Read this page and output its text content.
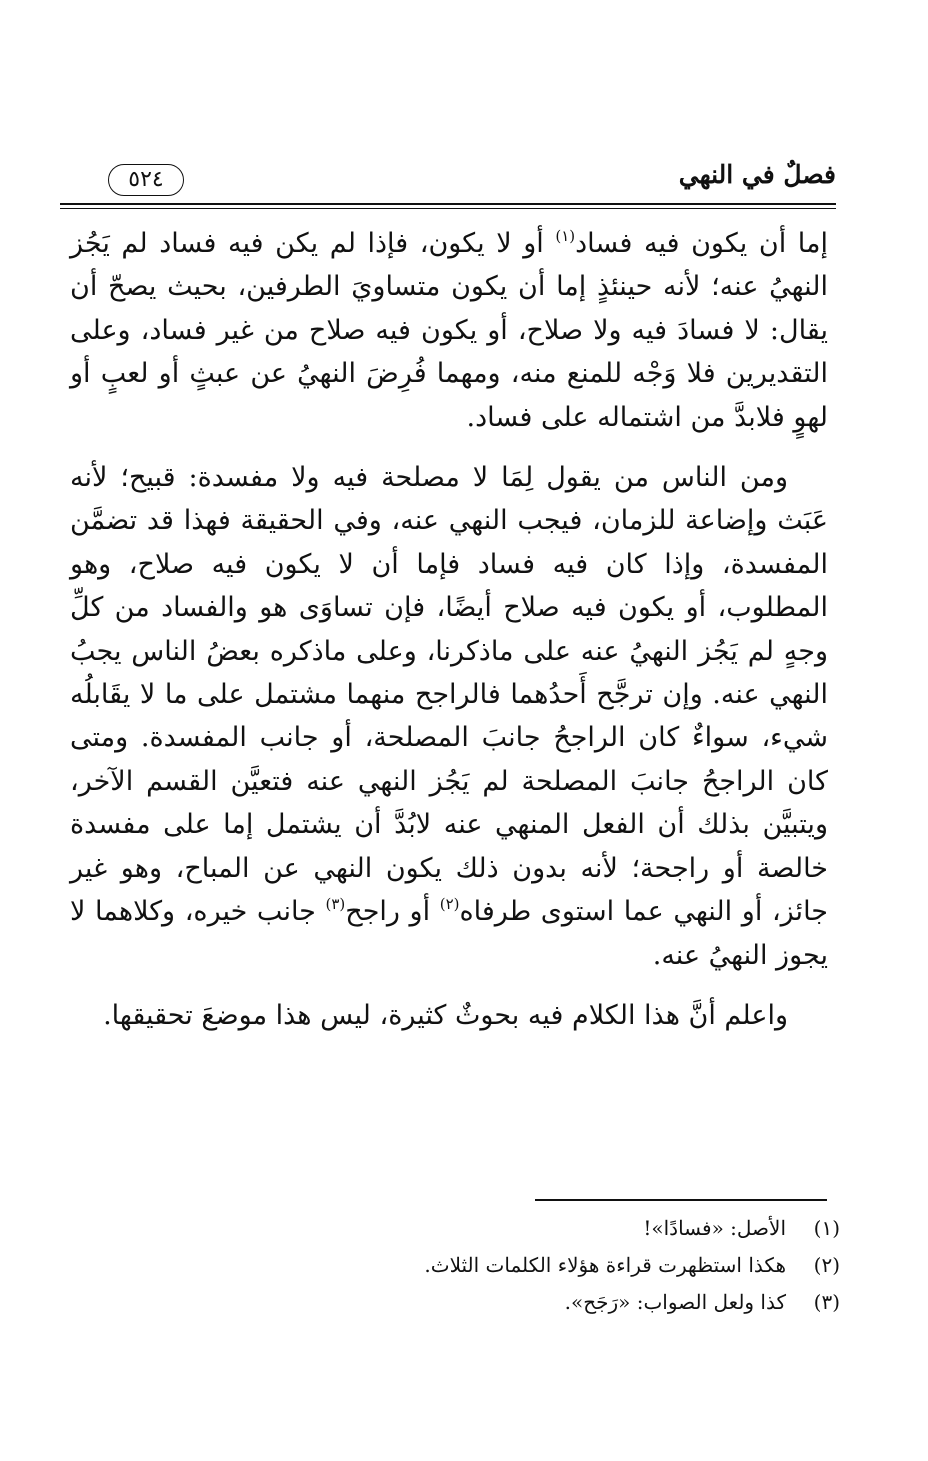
فصلٌ في النهي
٥٢٤

إما أن يكون فيه فساد$^{(١)}$ أو لا يكون، فإذا لم يكن فيه فساد لم يَجُز النهيُ عنه؛ لأنه حينئذٍ إما أن يكون متساويَ الطرفين، بحيث يصحّ أن يقال: لا فسادَ فيه ولا صلاح، أو يكون فيه صلاح من غير فساد، وعلى التقديرين فلا وَجْه للمنع منه، ومهما فُرِضَ النهيُ عن عبثٍ أو لعبٍ أو لهوٍ فلابدَّ من اشتماله على فساد.

ومن الناس من يقول لِمَا لا مصلحة فيه ولا مفسدة: قبيح؛ لأنه عَبَث وإضاعة للزمان، فيجب النهي عنه، وفي الحقيقة فهذا قد تضمَّن المفسدة، وإذا كان فيه فساد فإما أن لا يكون فيه صلاح، وهو المطلوب، أو يكون فيه صلاح أيضًا، فإن تساوَى هو والفساد من كلِّ وجهٍ لم يَجُز النهيُ عنه على ماذكرنا، وعلى ماذكره بعضُ الناس يجبُ النهي عنه. وإن ترجَّح أَحدُهما فالراجح منهما مشتمل على ما لا يقَابلُه شيء، سواءٌ كان الراجحُ جانبَ المصلحة، أو جانب المفسدة. ومتى كان الراجحُ جانبَ المصلحة لم يَجُز النهي عنه فتعيَّن القسم الآخر، ويتبيَّن بذلك أن الفعل المنهي عنه لابُدَّ أن يشتمل إما على مفسدة خالصة أو راجحة؛ لأنه بدون ذلك يكون النهي عن المباح، وهو غير جائز، أو النهي عما استوى طرفاه$^{(٢)}$ أو راجح$^{(٣)}$ جانب خيره، وكلاهما لا يجوز النهيُ عنه.

واعلم أنَّ هذا الكلام فيه بحوثٌ كثيرة، ليس هذا موضعَ تحقيقها.

(١)الأصل: «فسادًا»!
(٢)هكذا استظهرت قراءة هؤلاء الكلمات الثلاث.
(٣)كذا ولعل الصواب: «رَجَح».
